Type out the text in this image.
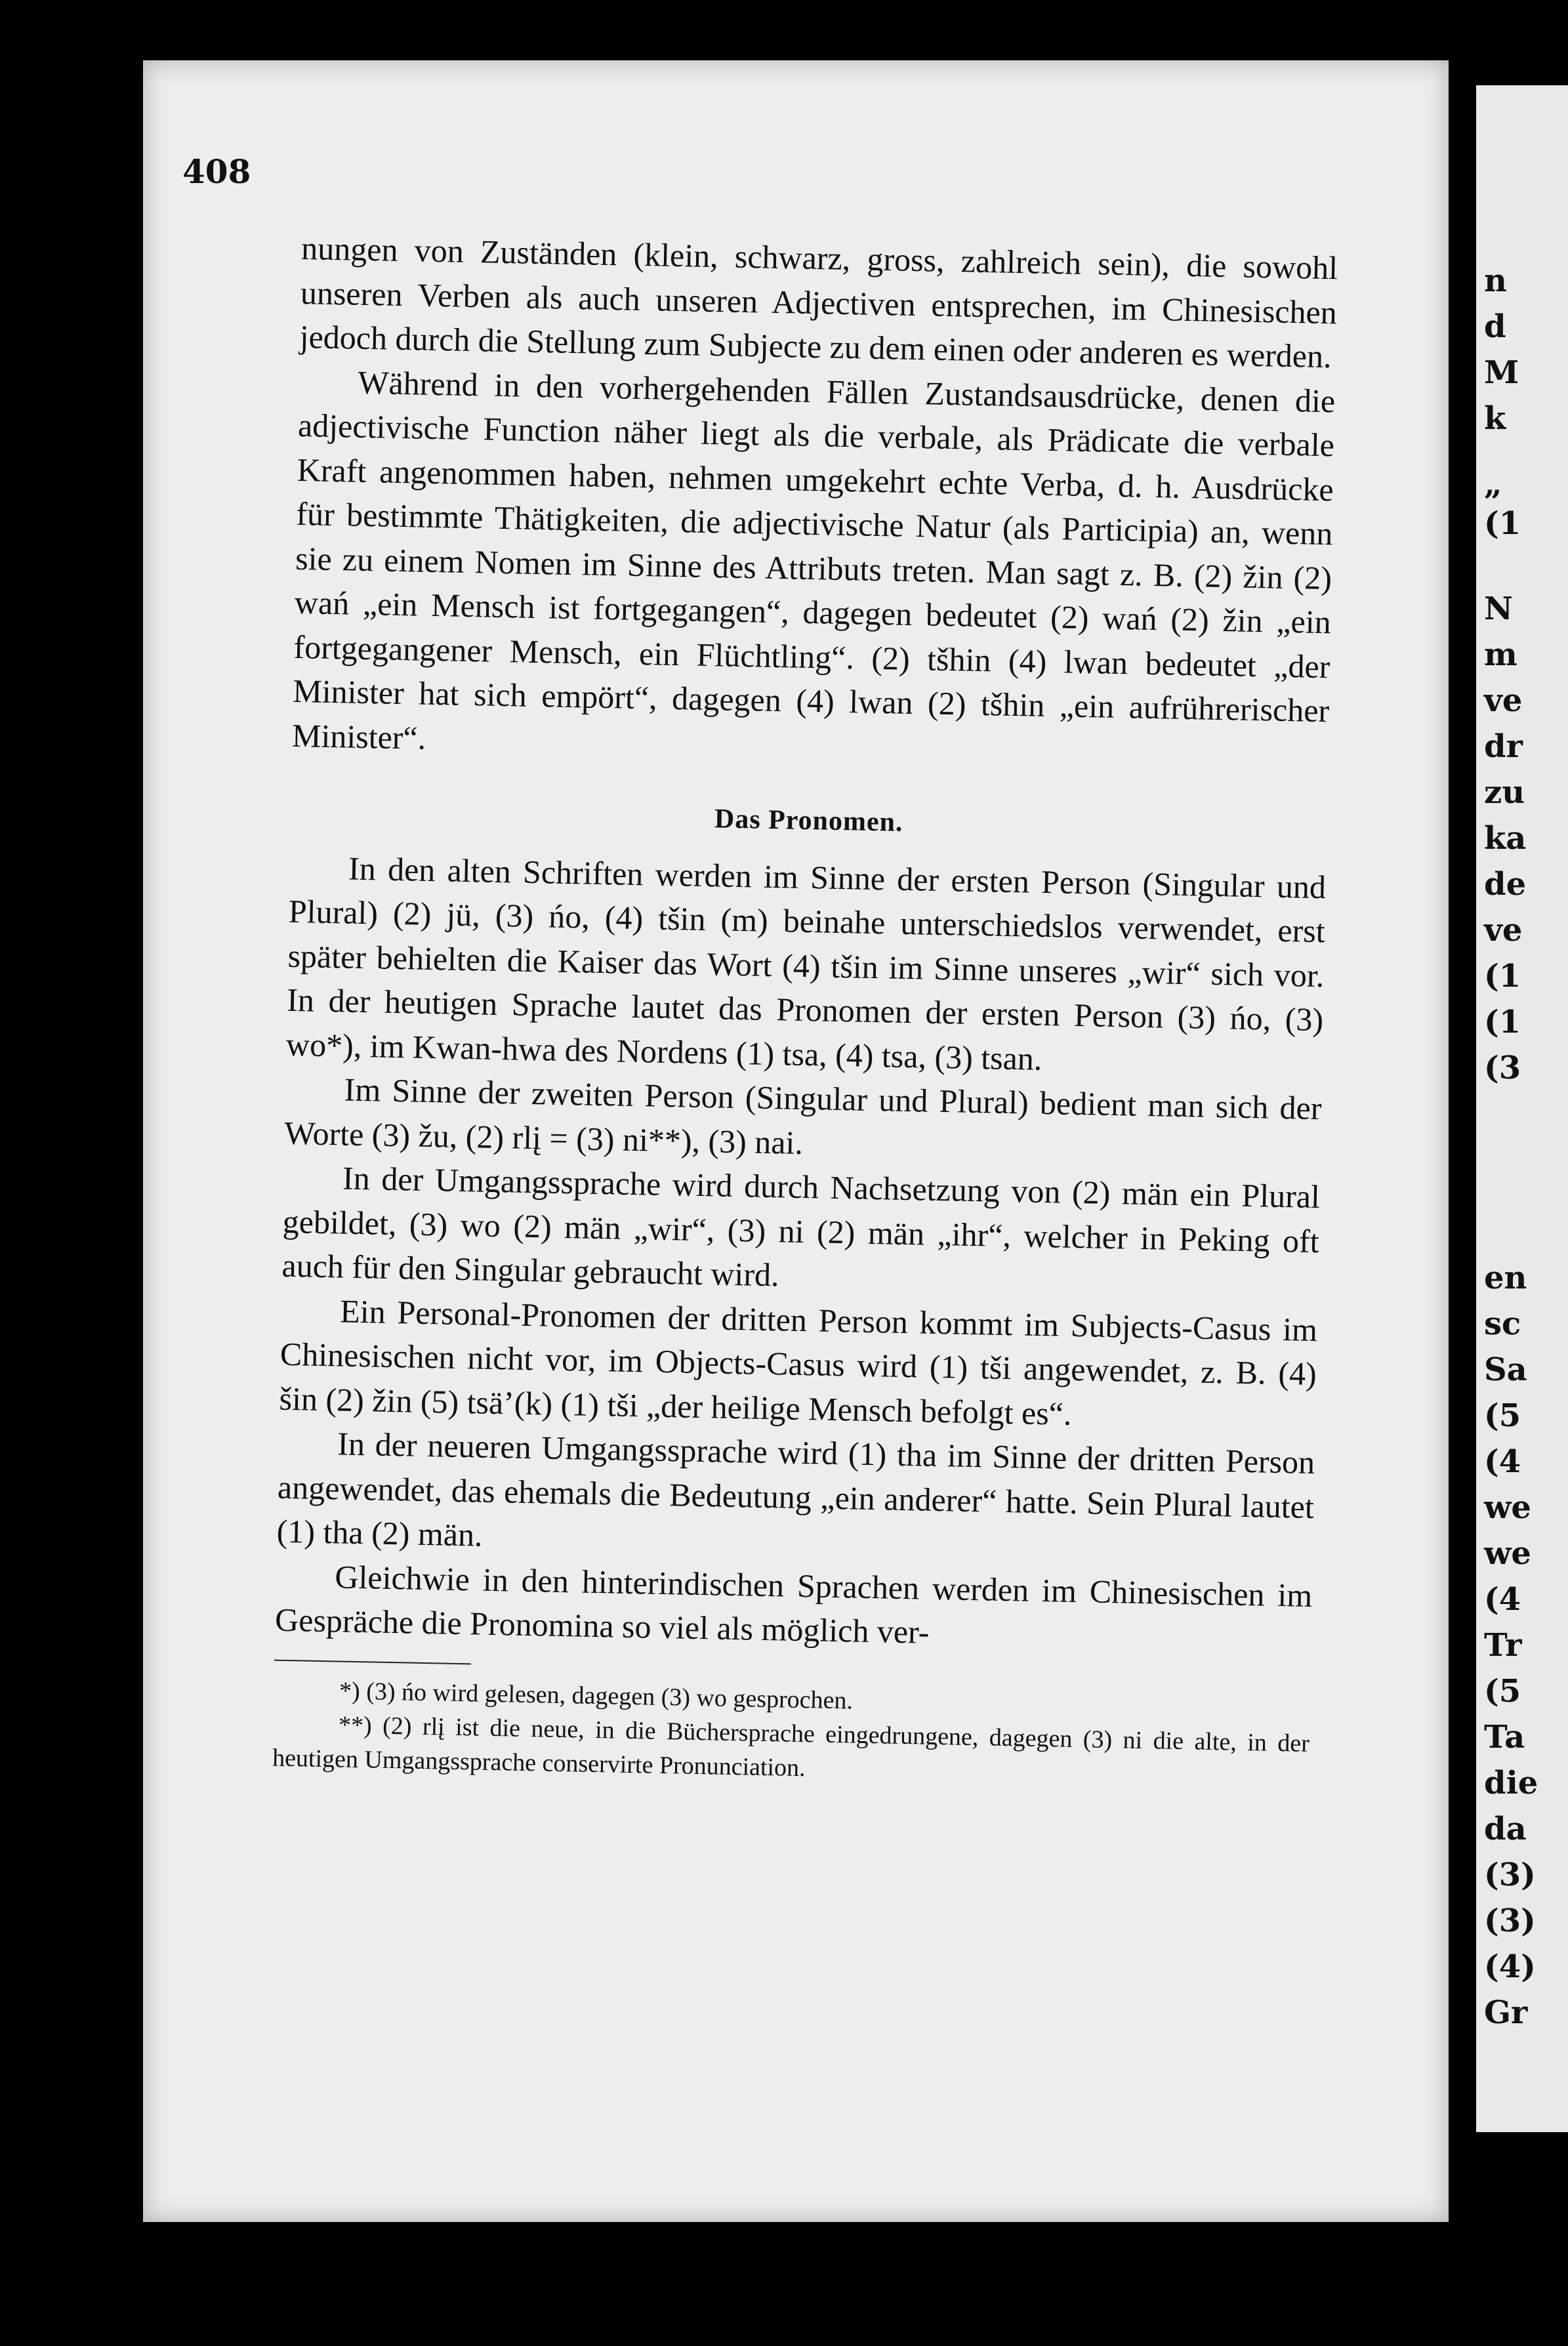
n
d
M
k
„
(1
N
m
ve
dr
zu
ka
de
ve
(1
(1
(3
en
sc
Sa
(5
(4
we
we
(4
Tr
(5
Ta
die
da
(3)
(3)
(4)
Gr
408

nungen von Zuständen (klein, schwarz, gross, zahlreich sein), die sowohl unseren Verben als auch unseren Adjectiven entsprechen, im Chinesischen jedoch durch die Stellung zum Subjecte zu dem einen oder anderen es werden.

Während in den vorhergehenden Fällen Zustandsausdrücke, denen die adjectivische Function näher liegt als die verbale, als Prädicate die verbale Kraft angenommen haben, nehmen umgekehrt echte Verba, d. h. Ausdrücke für bestimmte Thätigkeiten, die adjectivische Natur (als Participia) an, wenn sie zu einem Nomen im Sinne des Attributs treten. Man sagt z. B. (2) žin (2) wań „ein Mensch ist fortgegangen“, dagegen bedeutet (2) wań (2) žin „ein fortgegangener Mensch, ein Flüchtling“. (2) tšhin (4) lwan bedeutet „der Minister hat sich empört“, dagegen (4) lwan (2) tšhin „ein aufrührerischer Minister“.

Das Pronomen.

In den alten Schriften werden im Sinne der ersten Person (Singular und Plural) (2) jü, (3) ńo, (4) tšin (m) beinahe unterschiedslos verwendet, erst später behielten die Kaiser das Wort (4) tšin im Sinne unseres „wir“ sich vor. In der heutigen Sprache lautet das Pronomen der ersten Person (3) ńo, (3) wo*), im Kwan-hwa des Nordens (1) tsa, (4) tsa, (3) tsan.

Im Sinne der zweiten Person (Singular und Plural) bedient man sich der Worte (3) žu, (2) rlį = (3) ni**), (3) nai.

In der Umgangssprache wird durch Nachsetzung von (2) män ein Plural gebildet, (3) wo (2) män „wir“, (3) ni (2) män „ihr“, welcher in Peking oft auch für den Singular gebraucht wird.

Ein Personal-Pronomen der dritten Person kommt im Subjects-Casus im Chinesischen nicht vor, im Objects-Casus wird (1) tši angewendet, z. B. (4) šin (2) žin (5) tsä’(k) (1) tši „der heilige Mensch befolgt es“.

In der neueren Umgangssprache wird (1) tha im Sinne der dritten Person angewendet, das ehemals die Bedeutung „ein anderer“ hatte. Sein Plural lautet (1) tha (2) män.

Gleichwie in den hinterindischen Sprachen werden im Chinesischen im Gespräche die Pronomina so viel als möglich ver-

*) (3) ńo wird gelesen, dagegen (3) wo gesprochen.

**) (2) rlį ist die neue, in die Büchersprache eingedrungene, dagegen (3) ni die alte, in der heutigen Umgangssprache conservirte Pronunciation.
